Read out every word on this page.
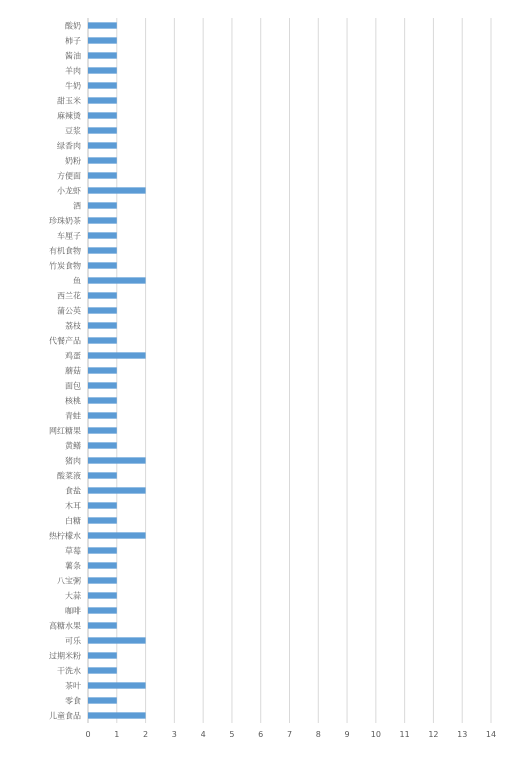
酸奶
柿子
酱油
羊肉
牛奶
甜玉米
麻辣烫
豆浆
绿香肉
奶粉
方便面
小龙虾
酒
珍珠奶茶
车厘子
有机食物
竹炭食物
鱼
西兰花
蒲公英
荔枝
代餐产品
鸡蛋
蘑菇
面包
核桃
青蛙
网红糖果
黄鳝
猪肉
酸菜液
食盐
木耳
白糖
热柠檬水
草莓
薯条
八宝粥
大蒜
咖啡
高糖水果
可乐
过期米粉
干洗水
茶叶
零食
儿童食品
0	1	2	3	4	5	6	7	8	9	10 11 12 13 14
